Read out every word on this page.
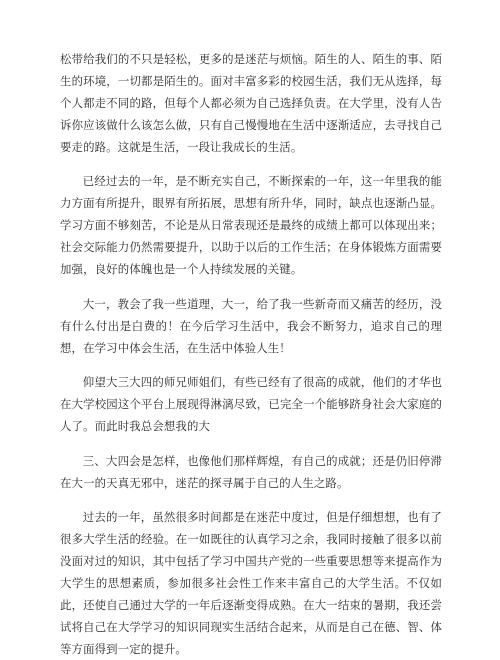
松带给我们的不只是轻松，更多的是迷茫与烦恼。陌生的人、陌生的事、陌生的环境，一切都是陌生的。面对丰富多彩的校园生活，我们无从选择，每个人都走不同的路，但每个人都必须为自己选择负责。在大学里，没有人告诉你应该做什么该怎么做，只有自己慢慢地在生活中逐渐适应，去寻找自己要走的路。这就是生活，一段让我成长的生活。

已经过去的一年，是不断充实自己，不断探索的一年，这一年里我的能力方面有所提升，眼界有所拓展，思想有所升华，同时，缺点也逐渐凸显。学习方面不够刻苦，不论是从日常表现还是最终的成绩上都可以体现出来；社会交际能力仍然需要提升，以助于以后的工作生活；在身体锻炼方面需要加强，良好的体魄也是一个人持续发展的关键。

大一，教会了我一些道理，大一，给了我一些新奇而又痛苦的经历，没有什么付出是白费的！在今后学习生活中，我会不断努力，追求自己的理想，在学习中体会生活，在生活中体验人生！

仰望大三大四的师兄师姐们，有些已经有了很高的成就，他们的才华也在大学校园这个平台上展现得淋漓尽致，已完全一个能够跻身社会大家庭的人了。而此时我总会想我的大

三、大四会是怎样，也像他们那样辉煌，有自己的成就；还是仍旧停滞在大一的天真无邪中，迷茫的探寻属于自己的人生之路。

过去的一年，虽然很多时间都是在迷茫中度过，但是仔细想想，也有了很多大学生活的经验。在一如既往的认真学习之余，我同时接触了很多以前没面对过的知识，其中包括了学习中国共产党的一些重要思想等来提高作为大学生的思想素质，参加很多社会性工作来丰富自己的大学生活。不仅如此，还使自己通过大学的一年后逐渐变得成熟。在大一结束的暑期，我还尝试将自己在大学学习的知识同现实生活结合起来，从而是自己在德、智、体等方面得到一定的提升。
